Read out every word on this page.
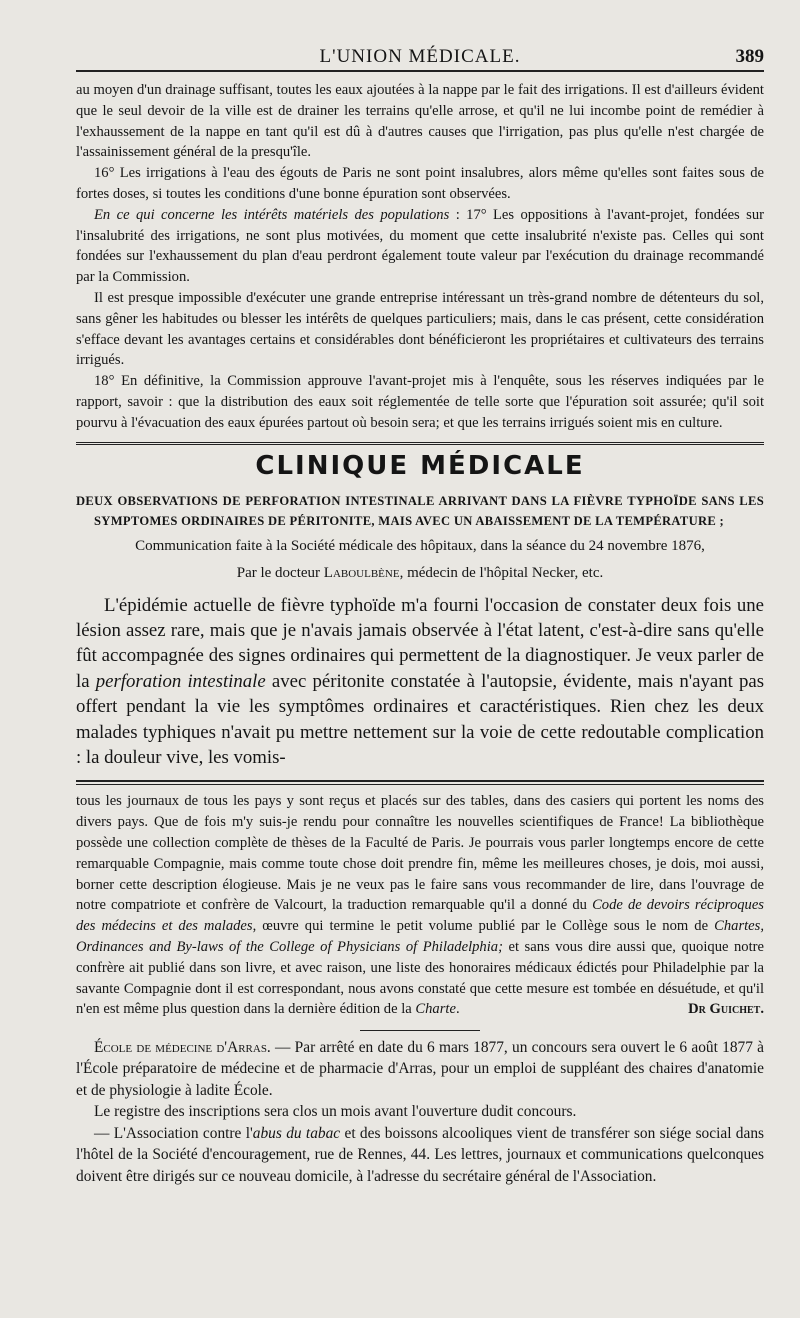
L'UNION MÉDICALE.	389

au moyen d'un drainage suffisant, toutes les eaux ajoutées à la nappe par le fait des irrigations. Il est d'ailleurs évident que le seul devoir de la ville est de drainer les terrains qu'elle arrose, et qu'il ne lui incombe point de remédier à l'exhaussement de la nappe en tant qu'il est dû à d'autres causes que l'irrigation, pas plus qu'elle n'est chargée de l'assainissement général de la presqu'île.

16° Les irrigations à l'eau des égouts de Paris ne sont point insalubres, alors même qu'elles sont faites sous de fortes doses, si toutes les conditions d'une bonne épuration sont observées.

En ce qui concerne les intérêts matériels des populations : 17° Les oppositions à l'avant-projet, fondées sur l'insalubrité des irrigations, ne sont plus motivées, du moment que cette insalubrité n'existe pas. Celles qui sont fondées sur l'exhaussement du plan d'eau perdront également toute valeur par l'exécution du drainage recommandé par la Commission.

Il est presque impossible d'exécuter une grande entreprise intéressant un très-grand nombre de détenteurs du sol, sans gêner les habitudes ou blesser les intérêts de quelques particuliers; mais, dans le cas présent, cette considération s'efface devant les avantages certains et considérables dont bénéficieront les propriétaires et cultivateurs des terrains irrigués.

18° En définitive, la Commission approuve l'avant-projet mis à l'enquête, sous les réserves indiquées par le rapport, savoir : que la distribution des eaux soit réglementée de telle sorte que l'épuration soit assurée; qu'il soit pourvu à l'évacuation des eaux épurées partout où besoin sera; et que les terrains irrigués soient mis en culture.

CLINIQUE MÉDICALE

DEUX OBSERVATIONS DE PERFORATION INTESTINALE ARRIVANT DANS LA FIÈVRE TYPHOÏDE SANS LES SYMPTOMES ORDINAIRES DE PÉRITONITE, MAIS AVEC UN ABAISSEMENT DE LA TEMPÉRATURE ;

Communication faite à la Société médicale des hôpitaux, dans la séance du 24 novembre 1876,
Par le docteur Laboulbène, médecin de l'hôpital Necker, etc.

L'épidémie actuelle de fièvre typhoïde m'a fourni l'occasion de constater deux fois une lésion assez rare, mais que je n'avais jamais observée à l'état latent, c'est-à-dire sans qu'elle fût accompagnée des signes ordinaires qui permettent de la diagnostiquer. Je veux parler de la perforation intestinale avec péritonite constatée à l'autopsie, évidente, mais n'ayant pas offert pendant la vie les symptômes ordinaires et caractéristiques. Rien chez les deux malades typhiques n'avait pu mettre nettement sur la voie de cette redoutable complication : la douleur vive, les vomis-

tous les journaux de tous les pays y sont reçus et placés sur des tables, dans des casiers qui portent les noms des divers pays. Que de fois m'y suis-je rendu pour connaître les nouvelles scientifiques de France! La bibliothèque possède une collection complète de thèses de la Faculté de Paris. Je pourrais vous parler longtemps encore de cette remarquable Compagnie, mais comme toute chose doit prendre fin, même les meilleures choses, je dois, moi aussi, borner cette description élogieuse. Mais je ne veux pas le faire sans vous recommander de lire, dans l'ouvrage de notre compatriote et confrère de Valcourt, la traduction remarquable qu'il a donné du Code de devoirs réciproques des médecins et des malades, œuvre qui termine le petit volume publié par le Collège sous le nom de Chartes, Ordinances and By-laws of the College of Physicians of Philadelphia; et sans vous dire aussi que, quoique notre confrère ait publié dans son livre, et avec raison, une liste des honoraires médicaux édictés pour Philadelphie par la savante Compagnie dont il est correspondant, nous avons constaté que cette mesure est tombée en désuétude, et qu'il n'en est même plus question dans la dernière édition de la Charte.	Dr Guichet.

École de médecine d'Arras. — Par arrêté en date du 6 mars 1877, un concours sera ouvert le 6 août 1877 à l'École préparatoire de médecine et de pharmacie d'Arras, pour un emploi de suppléant des chaires d'anatomie et de physiologie à ladite École.

Le registre des inscriptions sera clos un mois avant l'ouverture dudit concours.

— L'Association contre l'abus du tabac et des boissons alcooliques vient de transférer son siége social dans l'hôtel de la Société d'encouragement, rue de Rennes, 44. Les lettres, journaux et communications quelconques doivent être dirigés sur ce nouveau domicile, à l'adresse du secrétaire général de l'Association.
